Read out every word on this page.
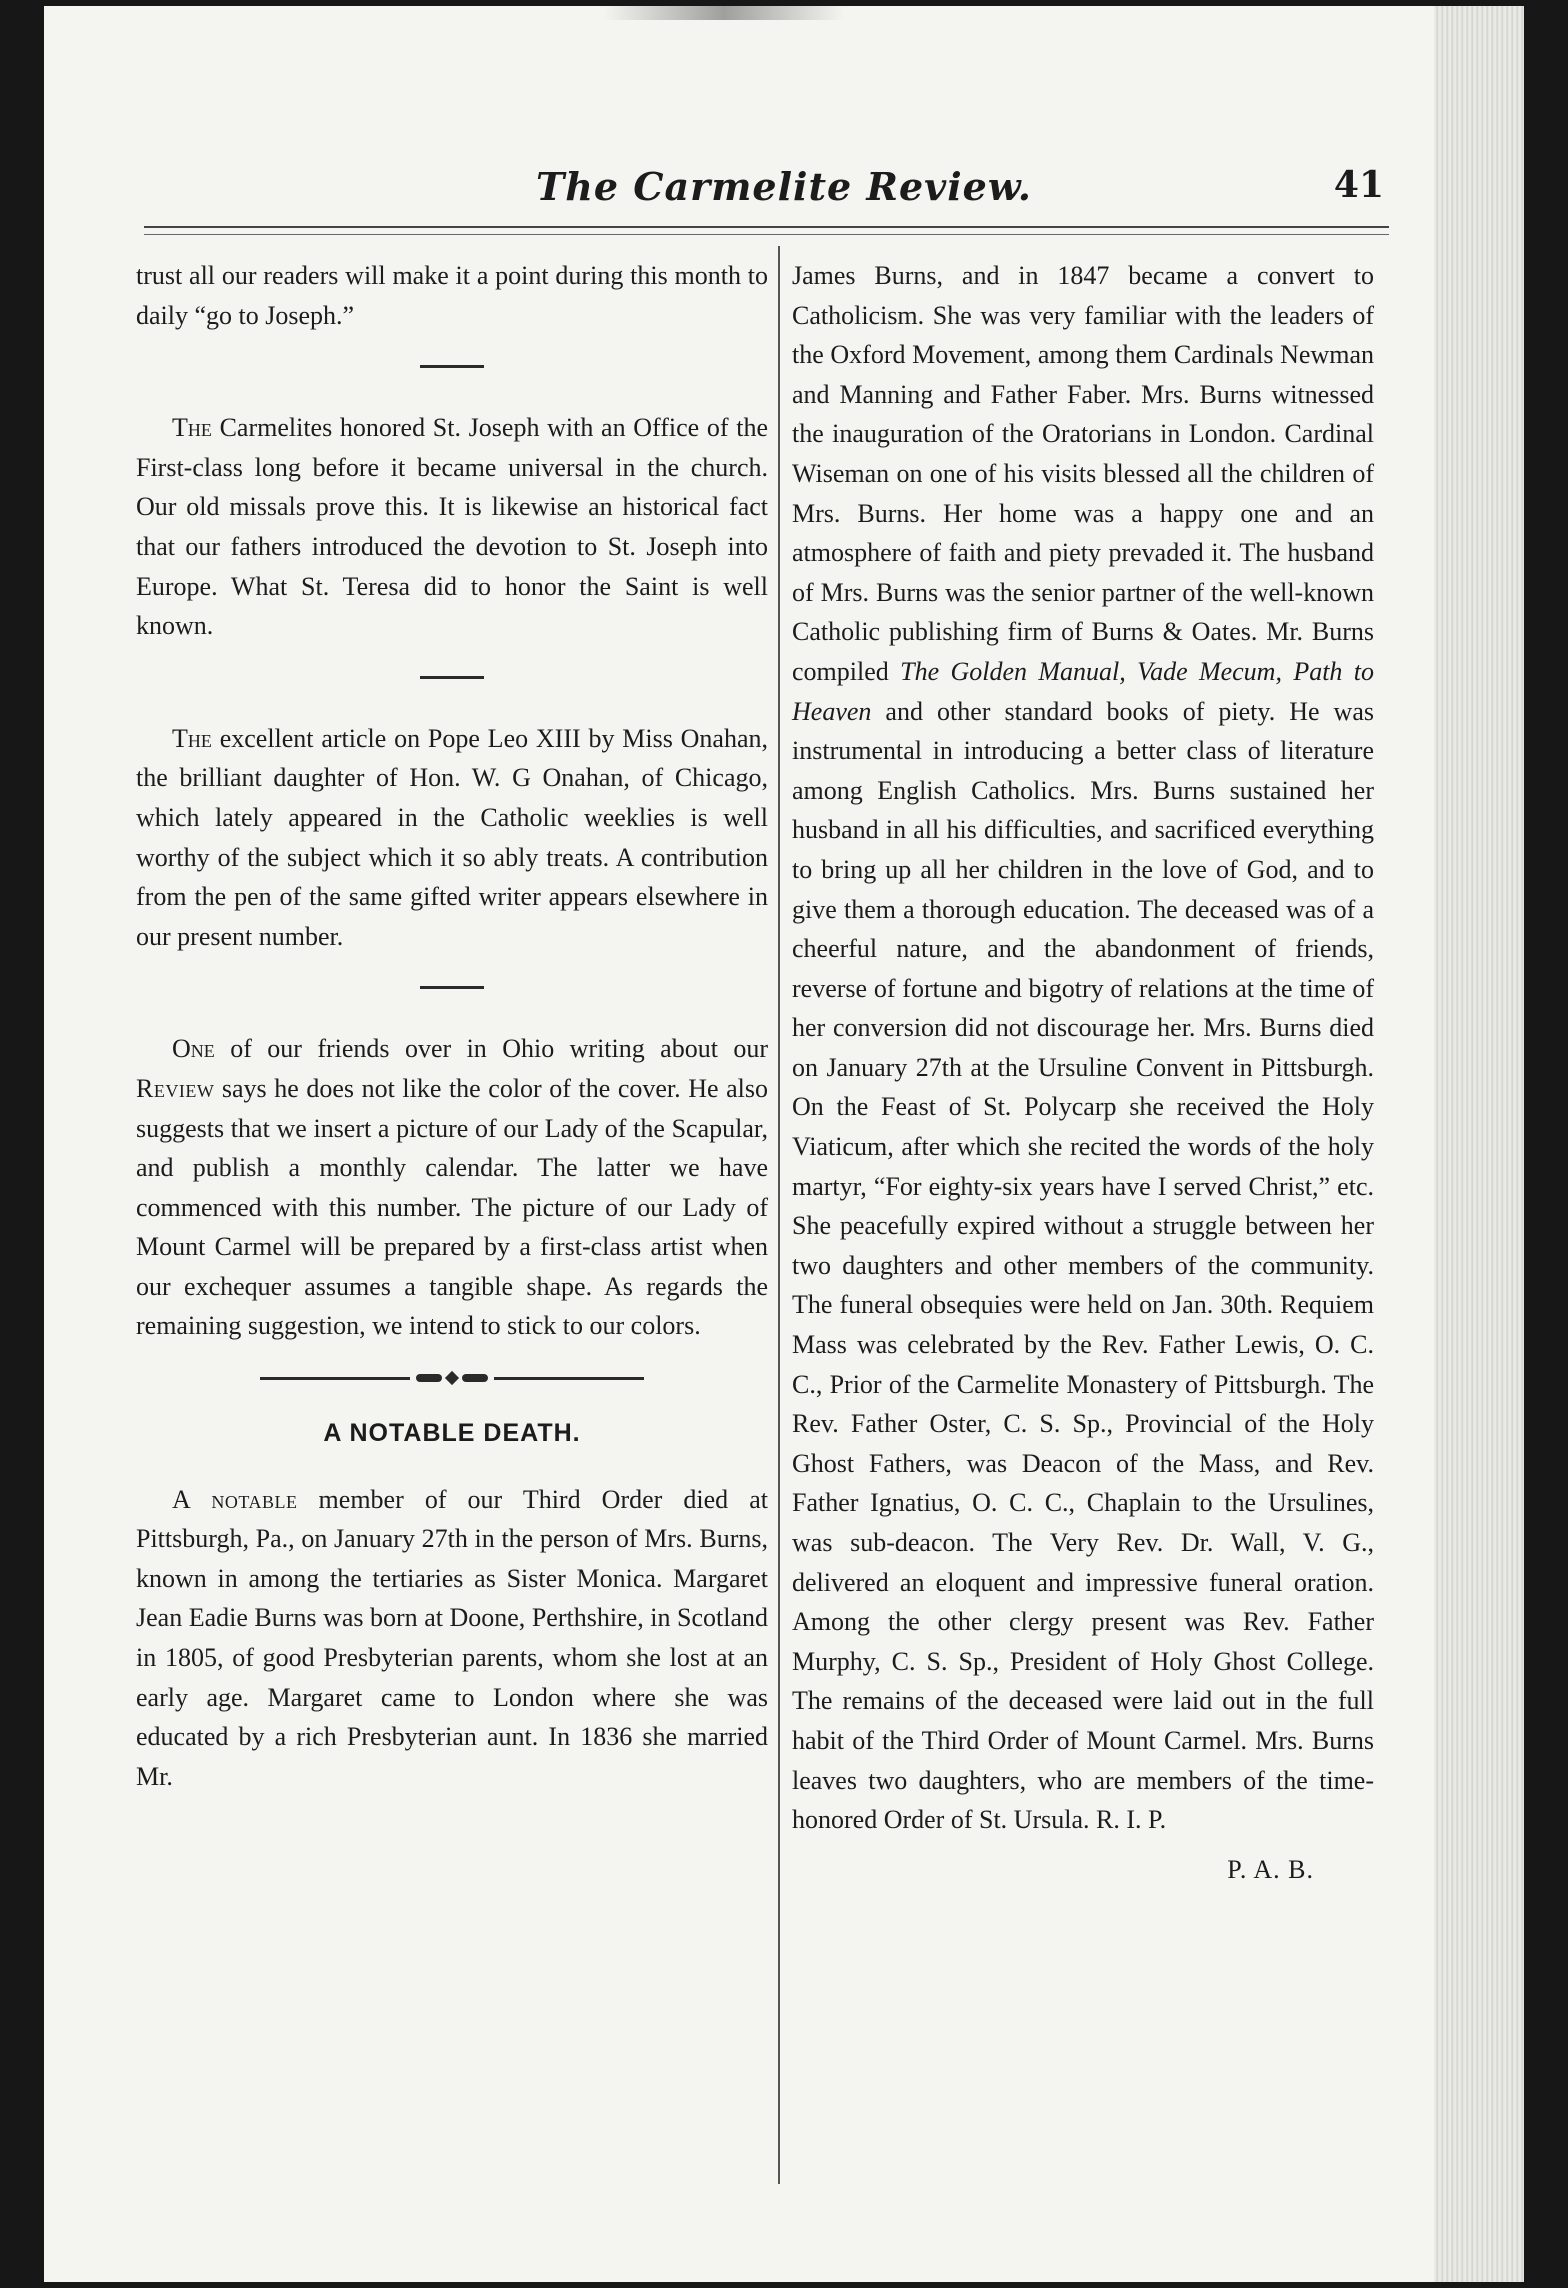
The Carmelite Review.	41

trust all our readers will make it a point during this month to daily “go to Joseph.”

The Carmelites honored St. Joseph with an Office of the First-class long before it became universal in the church. Our old missals prove this. It is likewise an historical fact that our fathers introduced the devotion to St. Joseph into Europe. What St. Teresa did to honor the Saint is well known.

The excellent article on Pope Leo XIII by Miss Onahan, the brilliant daughter of Hon. W. G Onahan, of Chicago, which lately appeared in the Catholic weeklies is well worthy of the subject which it so ably treats. A contribution from the pen of the same gifted writer appears elsewhere in our present number.

One of our friends over in Ohio writing about our Review says he does not like the color of the cover. He also suggests that we insert a picture of our Lady of the Scapular, and publish a monthly calendar. The latter we have commenced with this number. The picture of our Lady of Mount Carmel will be prepared by a first-class artist when our exchequer assumes a tangible shape. As regards the remaining suggestion, we intend to stick to our colors.

A NOTABLE DEATH.

A notable member of our Third Order died at Pittsburgh, Pa., on January 27th in the person of Mrs. Burns, known in among the tertiaries as Sister Monica. Margaret Jean Eadie Burns was born at Doone, Perthshire, in Scotland in 1805, of good Presbyterian parents, whom she lost at an early age. Margaret came to London where she was educated by a rich Presbyterian aunt. In 1836 she married Mr.

James Burns, and in 1847 became a convert to Catholicism. She was very familiar with the leaders of the Oxford Movement, among them Cardinals Newman and Manning and Father Faber. Mrs. Burns witnessed the inauguration of the Oratorians in London. Cardinal Wiseman on one of his visits blessed all the children of Mrs. Burns. Her home was a happy one and an atmosphere of faith and piety prevaded it. The husband of Mrs. Burns was the senior partner of the well-known Catholic publishing firm of Burns & Oates. Mr. Burns compiled The Golden Manual, Vade Mecum, Path to Heaven and other standard books of piety. He was instrumental in introducing a better class of literature among English Catholics. Mrs. Burns sustained her husband in all his difficulties, and sacrificed everything to bring up all her children in the love of God, and to give them a thorough education. The deceased was of a cheerful nature, and the abandonment of friends, reverse of fortune and bigotry of relations at the time of her conversion did not discourage her. Mrs. Burns died on January 27th at the Ursuline Convent in Pittsburgh. On the Feast of St. Polycarp she received the Holy Viaticum, after which she recited the words of the holy martyr, “For eighty-six years have I served Christ,” etc. She peacefully expired without a struggle between her two daughters and other members of the community. The funeral obsequies were held on Jan. 30th. Requiem Mass was celebrated by the Rev. Father Lewis, O. C. C., Prior of the Carmelite Monastery of Pittsburgh. The Rev. Father Oster, C. S. Sp., Provincial of the Holy Ghost Fathers, was Deacon of the Mass, and Rev. Father Ignatius, O. C. C., Chaplain to the Ursulines, was sub-deacon. The Very Rev. Dr. Wall, V. G., delivered an eloquent and impressive funeral oration. Among the other clergy present was Rev. Father Murphy, C. S. Sp., President of Holy Ghost College. The remains of the deceased were laid out in the full habit of the Third Order of Mount Carmel. Mrs. Burns leaves two daughters, who are members of the time-honored Order of St. Ursula. R. I. P.

P. A. B.
